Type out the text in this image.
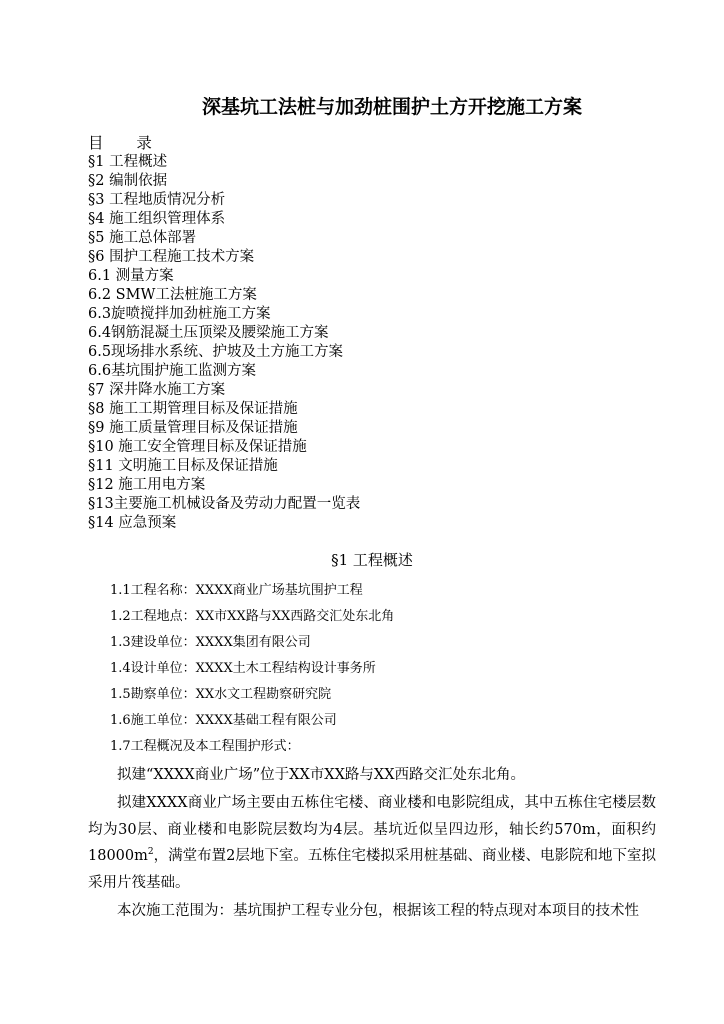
深基坑工法桩与加劲桩围护土方开挖施工方案
目 录
§1 工程概述
§2 编制依据
§3 工程地质情况分析
§4 施工组织管理体系
§5 施工总体部署
§6 围护工程施工技术方案
6.1 测量方案
6.2 SMW工法桩施工方案
6.3旋喷搅拌加劲桩施工方案
6.4钢筋混凝土压顶梁及腰梁施工方案
6.5现场排水系统、护坡及土方施工方案
6.6基坑围护施工监测方案
§7 深井降水施工方案
§8 施工工期管理目标及保证措施
§9 施工质量管理目标及保证措施
§10 施工安全管理目标及保证措施
§11 文明施工目标及保证措施
§12 施工用电方案
§13主要施工机械设备及劳动力配置一览表
§14 应急预案
§1 工程概述
1.1工程名称：XXXX商业广场基坑围护工程
1.2工程地点：XX市XX路与XX西路交汇处东北角
1.3建设单位：XXXX集团有限公司
1.4设计单位：XXXX土木工程结构设计事务所
1.5勘察单位：XX水文工程勘察研究院
1.6施工单位：XXXX基础工程有限公司
1.7工程概况及本工程围护形式：
拟建“XXXX商业广场”位于XX市XX路与XX西路交汇处东北角。
拟建XXXX商业广场主要由五栋住宅楼、商业楼和电影院组成，其中五栋住宅楼层数均为30层、商业楼和电影院层数均为4层。基坑近似呈四边形，轴长约570m，面积约$18000m^2$，满堂布置2层地下室。五栋住宅楼拟采用桩基础、商业楼、电影院和地下室拟采用片筏基础。
本次施工范围为：基坑围护工程专业分包，根据该工程的特点现对本项目的技术性
